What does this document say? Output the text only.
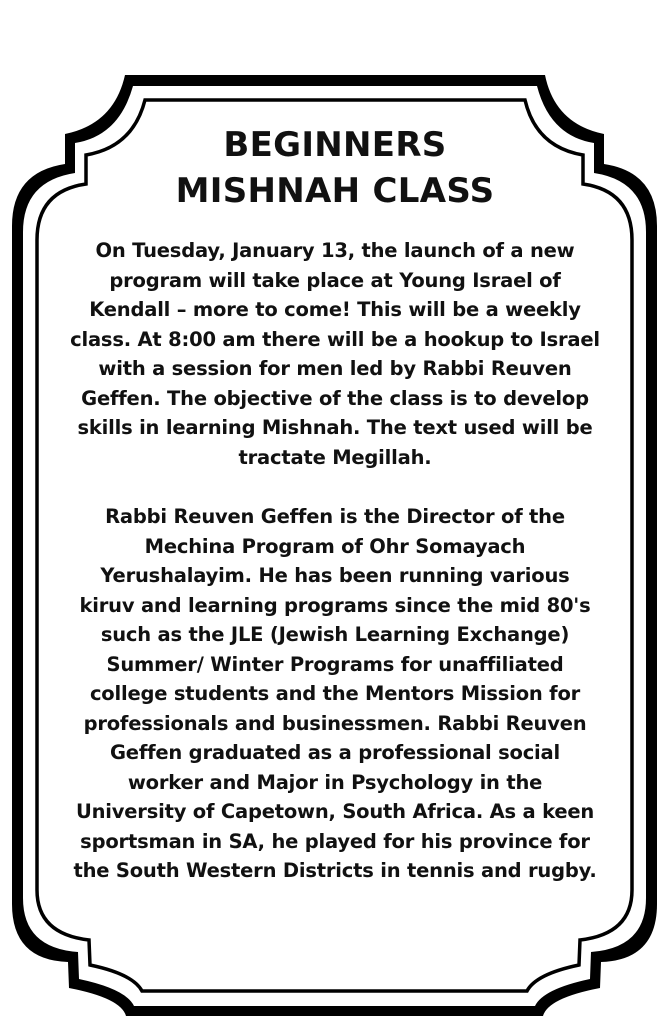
BEGINNERS
MISHNAH CLASS

On Tuesday, January 13, the launch of a new program will take place at Young Israel of Kendall – more to come! This will be a weekly class. At 8:00 am there will be a hookup to Israel with a session for men led by Rabbi Reuven Geffen. The objective of the class is to develop skills in learning Mishnah. The text used will be tractate Megillah.

Rabbi Reuven Geffen is the Director of the Mechina Program of Ohr Somayach Yerushalayim. He has been running various kiruv and learning programs since the mid 80's such as the JLE (Jewish Learning Exchange) Summer/ Winter Programs for unaffiliated college students and the Mentors Mission for professionals and businessmen. Rabbi Reuven Geffen graduated as a professional social worker and Major in Psychology in the University of Capetown, South Africa. As a keen sportsman in SA, he played for his province for the South Western Districts in tennis and rugby.
